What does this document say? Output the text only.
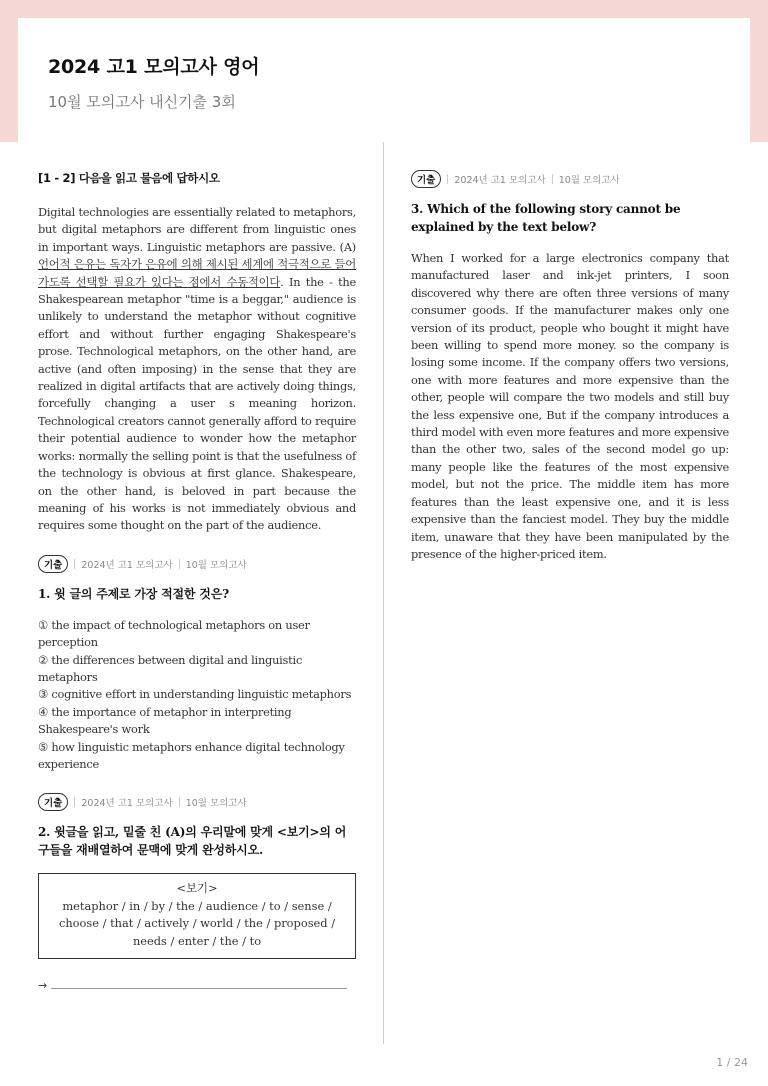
2024 고1 모의고사 영어
10월 모의고사 내신기출 3회
[1 - 2] 다음을 읽고 물음에 답하시오
Digital technologies are essentially related to metaphors, but digital metaphors are different from linguistic ones in important ways. Linguistic metaphors are passive. (A) 언어적 은유는 독자가 은유에 의해 제시된 세계에 적극적으로 들어가도록 선택할 필요가 있다는 점에서 수동적이다. In the - the Shakespearean metaphor "time is a beggar," audience is unlikely to understand the metaphor without cognitive effort and without further engaging Shakespeare's prose. Technological metaphors, on the other hand, are active (and often imposing) in the sense that they are realized in digital artifacts that are actively doing things, forcefully changing a user s meaning horizon. Technological creators cannot generally afford to require their potential audience to wonder how the metaphor works: normally the selling point is that the usefulness of the technology is obvious at first glance. Shakespeare, on the other hand, is beloved in part because the meaning of his works is not immediately obvious and requires some thought on the part of the audience.
기출	2024년 고1 모의고사 10월 모의고사
1. 윗 글의 주제로 가장 적절한 것은?
① the impact of technological metaphors on user perception
② the differences between digital and linguistic metaphors
③ cognitive effort in understanding linguistic metaphors
④ the importance of metaphor in interpreting Shakespeare's work
⑤ how linguistic metaphors enhance digital technology experience
기출	2024년 고1 모의고사 10월 모의고사
2. 윗글을 읽고, 밑줄 친 (A)의 우리말에 맞게 <보기>의 어구들을 재배열하여 문맥에 맞게 완성하시오.
<보기>
metaphor / in / by / the / audience / to / sense / choose / that / actively / world / the / proposed / needs / enter / the / to
→
기출	2024년 고1 모의고사 10월 모의고사
3. Which of the following story cannot be explained by the text below?
When I worked for a large electronics company that manufactured laser and ink-jet printers, I soon discovered why there are often three versions of many consumer goods. If the manufacturer makes only one version of its product, people who bought it might have been willing to spend more money. so the company is losing some income. If the company offers two versions, one with more features and more expensive than the other, people will compare the two models and still buy the less expensive one, But if the company introduces a third model with even more features and more expensive than the other two, sales of the second model go up: many people like the features of the most expensive model, but not the price. The middle item has more features than the least expensive one, and it is less expensive than the fanciest model. They buy the middle item, unaware that they have been manipulated by the presence of the higher-priced item.
1 / 24
